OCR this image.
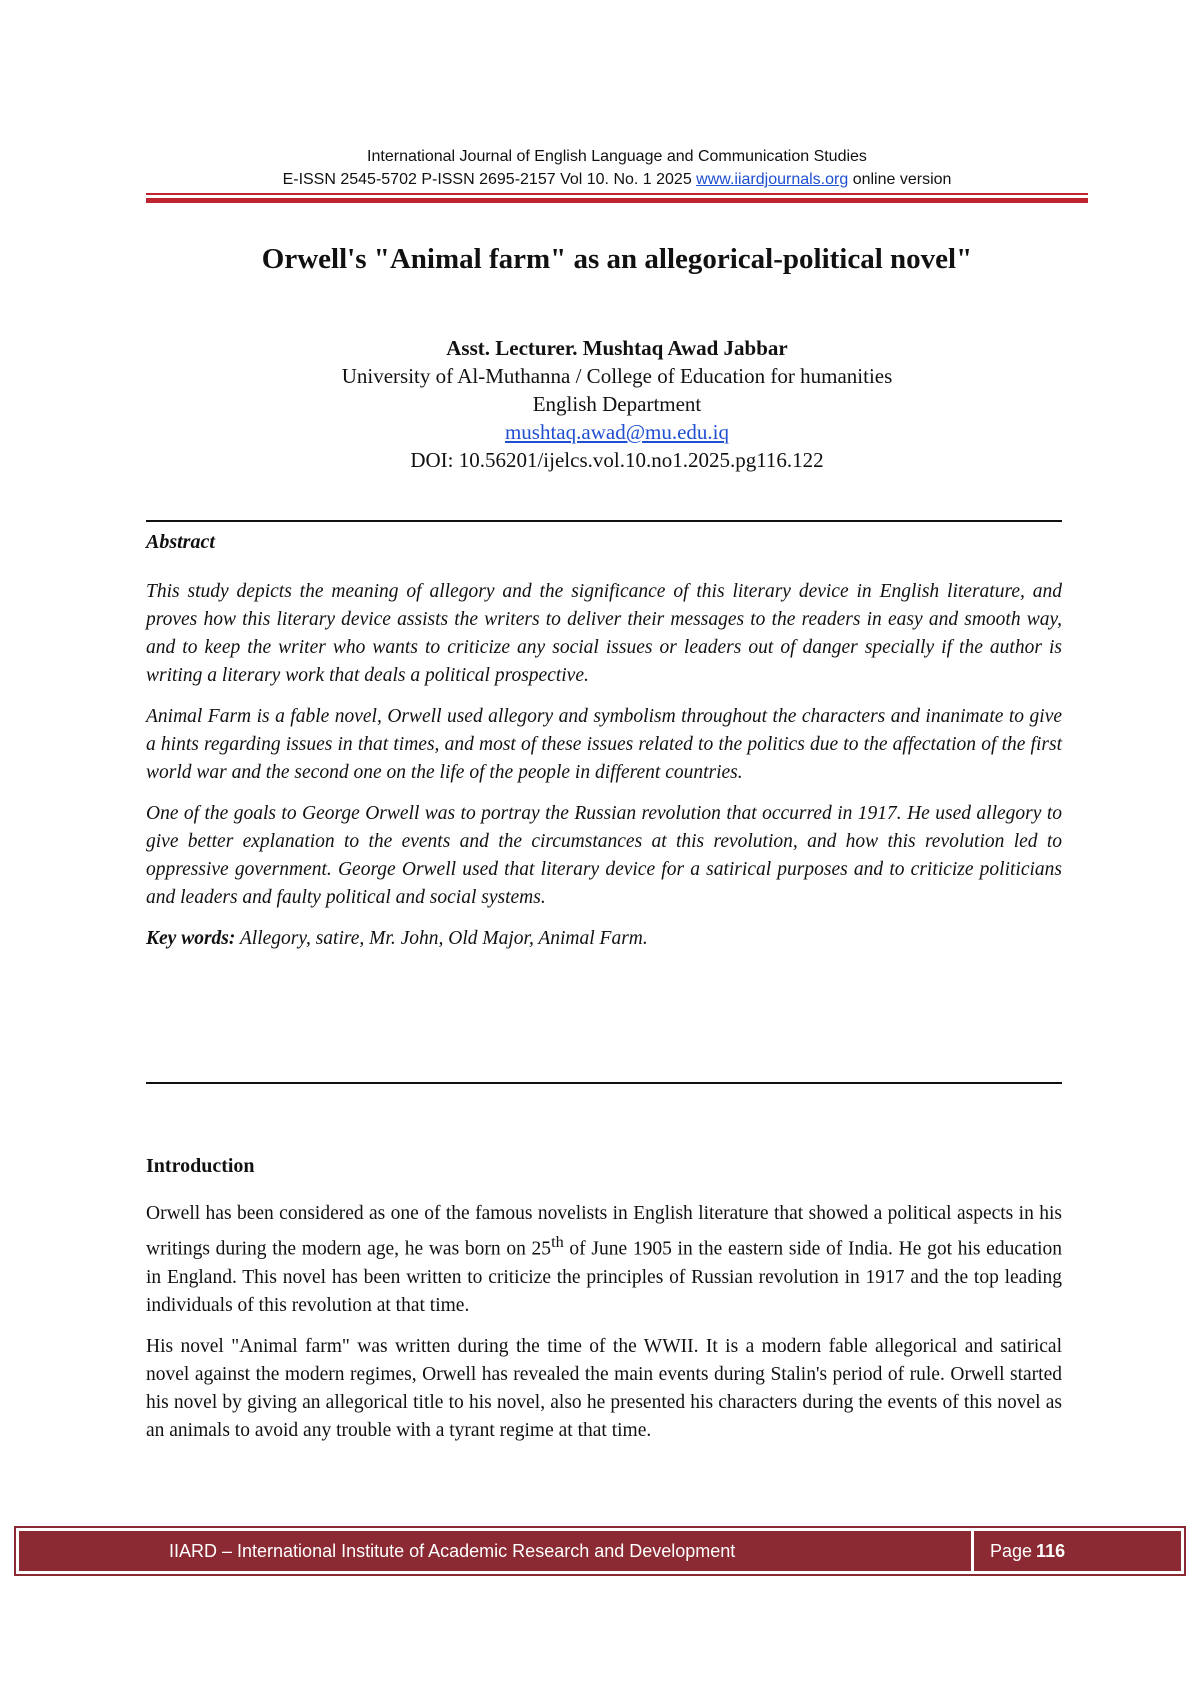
International Journal of English Language and Communication Studies
E-ISSN 2545-5702 P-ISSN 2695-2157 Vol 10. No. 1 2025 www.iiardjournals.org online version
Orwell's "Animal farm" as an allegorical-political novel"
Asst. Lecturer. Mushtaq Awad Jabbar
University of Al-Muthanna / College of Education for humanities
English Department
mushtaq.awad@mu.edu.iq
DOI: 10.56201/ijelcs.vol.10.no1.2025.pg116.122
Abstract

This study depicts the meaning of allegory and the significance of this literary device in English literature, and proves how this literary device assists the writers to deliver their messages to the readers in easy and smooth way, and to keep the writer who wants to criticize any social issues or leaders out of danger specially if the author is writing a literary work that deals a political prospective.

Animal Farm is a fable novel, Orwell used allegory and symbolism throughout the characters and inanimate to give a hints regarding issues in that times, and most of these issues related to the politics due to the affectation of the first world war and the second one on the life of the people in different countries.

One of the goals to George Orwell was to portray the Russian revolution that occurred in 1917. He used allegory to give better explanation to the events and the circumstances at this revolution, and how this revolution led to oppressive government. George Orwell used that literary device for a satirical purposes and to criticize politicians and leaders and faulty political and social systems.

Key words: Allegory, satire, Mr. John, Old Major, Animal Farm.

Introduction

Orwell has been considered as one of the famous novelists in English literature that showed a political aspects in his writings during the modern age, he was born on 25th of June 1905 in the eastern side of India. He got his education in England. This novel has been written to criticize the principles of Russian revolution in 1917 and the top leading individuals of this revolution at that time.

His novel "Animal farm" was written during the time of the WWII. It is a modern fable allegorical and satirical novel against the modern regimes, Orwell has revealed the main events during Stalin's period of rule. Orwell started his novel by giving an allegorical title to his novel, also he presented his characters during the events of this novel as an animals to avoid any trouble with a tyrant regime at that time.

IIARD – International Institute of Academic Research and Development	Page 116
